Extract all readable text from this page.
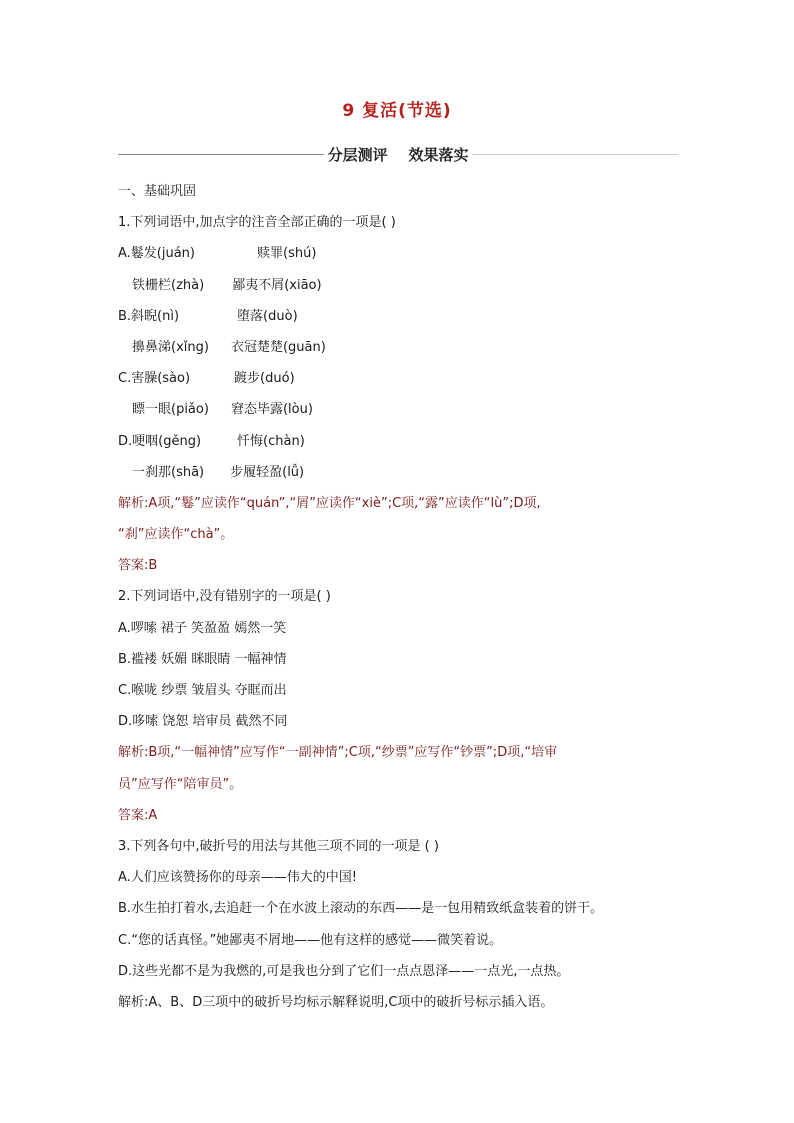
9 复活(节选)
分层测评    效果落实
一、基础巩固
1.下列词语中,加点字的注音全部正确的一项是( )
A.鬈发(juán)	赎罪(shú)
铁栅栏(zhà) 鄙夷不屑(xiāo)
B.斜睨(nì)	堕落(duò)
擤鼻涕(xǐng) 衣冠楚楚(guān)
C.害臊(sào)	踱步(duó)
瞟一眼(piǎo) 窘态毕露(lòu)
D.哽咽(gěng)	忏悔(chàn)
一刹那(shā) 步履轻盈(lǚ)
解析:A项,“鬈”应读作“quán”,“屑”应读作“xiè”;C项,“露”应读作“lù”;D项,
“刹”应读作“chà”。
答案:B
2.下列词语中,没有错别字的一项是( )
A.啰嗦 裙子 笑盈盈 嫣然一笑
B.褴褛 妖媚 眯眼睛 一幅神情
C.喉咙 纱票 皱眉头 夺眶而出
D.哆嗦 饶恕 培审员 截然不同
解析:B项,“一幅神情”应写作“一副神情”;C项,“纱票”应写作“钞票”;D项,“培审
员”应写作“陪审员”。
答案:A
3.下列各句中,破折号的用法与其他三项不同的一项是 ( )
A.人们应该赞扬你的母亲——伟大的中国!
B.水生拍打着水,去追赶一个在水波上滚动的东西——是一包用精致纸盒装着的饼干。
C.“您的话真怪。”她鄙夷不屑地——他有这样的感觉——微笑着说。
D.这些光都不是为我燃的,可是我也分到了它们一点点恩泽——一点光,一点热。
解析:A、B、D三项中的破折号均标示解释说明,C项中的破折号标示插入语。
